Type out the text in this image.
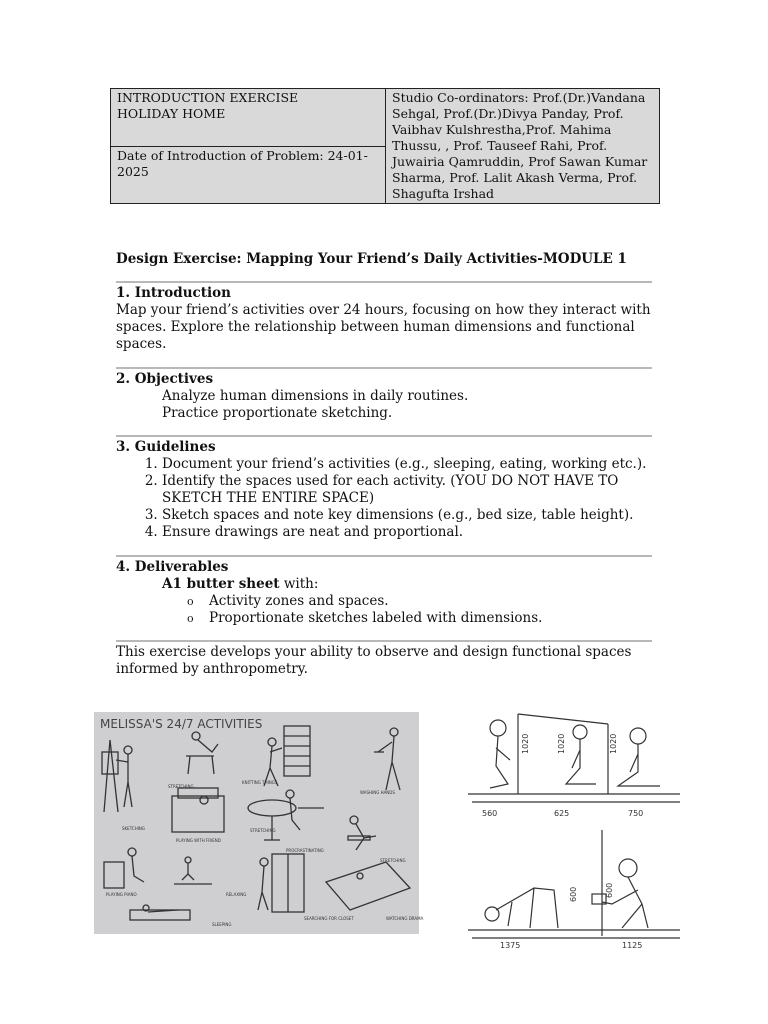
INTRODUCTION EXERCISE
HOLIDAY HOME
	Studio Co-ordinators: Prof.(Dr.)Vandana Sehgal, Prof.(Dr.)Divya Panday, Prof. Vaibhav Kulshrestha,Prof. Mahima Thussu, , Prof. Tauseef Rahi, Prof. Juwairia Qamruddin, Prof Sawan Kumar Sharma, Prof. Lalit Akash Verma, Prof. Shagufta Irshad
Date of Introduction of Problem: 24-01-2025
Design Exercise: Mapping Your Friend’s Daily Activities-MODULE 1
1. Introduction
Map your friend’s activities over 24 hours, focusing on how they interact with spaces. Explore the relationship between human dimensions and functional spaces.
2. Objectives
Analyze human dimensions in daily routines.
Practice proportionate sketching.
3. Guidelines
1. Document your friend’s activities (e.g., sleeping, eating, working etc.).
2. Identify the spaces used for each activity. (YOU DO NOT HAVE TO SKETCH THE ENTIRE SPACE)
3. Sketch spaces and note key dimensions (e.g., bed size, table height).
4. Ensure drawings are neat and proportional.
4. Deliverables
A1 butter sheet with:
o Activity zones and spaces.
o Proportionate sketches labeled with dimensions.
This exercise develops your ability to observe and design functional spaces informed by anthropometry.
MELISSA'S 24/7 ACTIVITIES
STRETCHING
KNITTING THINGS
WASHING HANDS
SKETCHING
PLAYING WITH FRIEND
PROCRASTINATING
STRETCHING
PLAYING PIANO	RELAXING
SLEEPING
SEARCHING FOR CLOSET	WATCHING DRAMA
STRETCHING
560	625	750
1375	1125
1020	1020	1020
600	600
